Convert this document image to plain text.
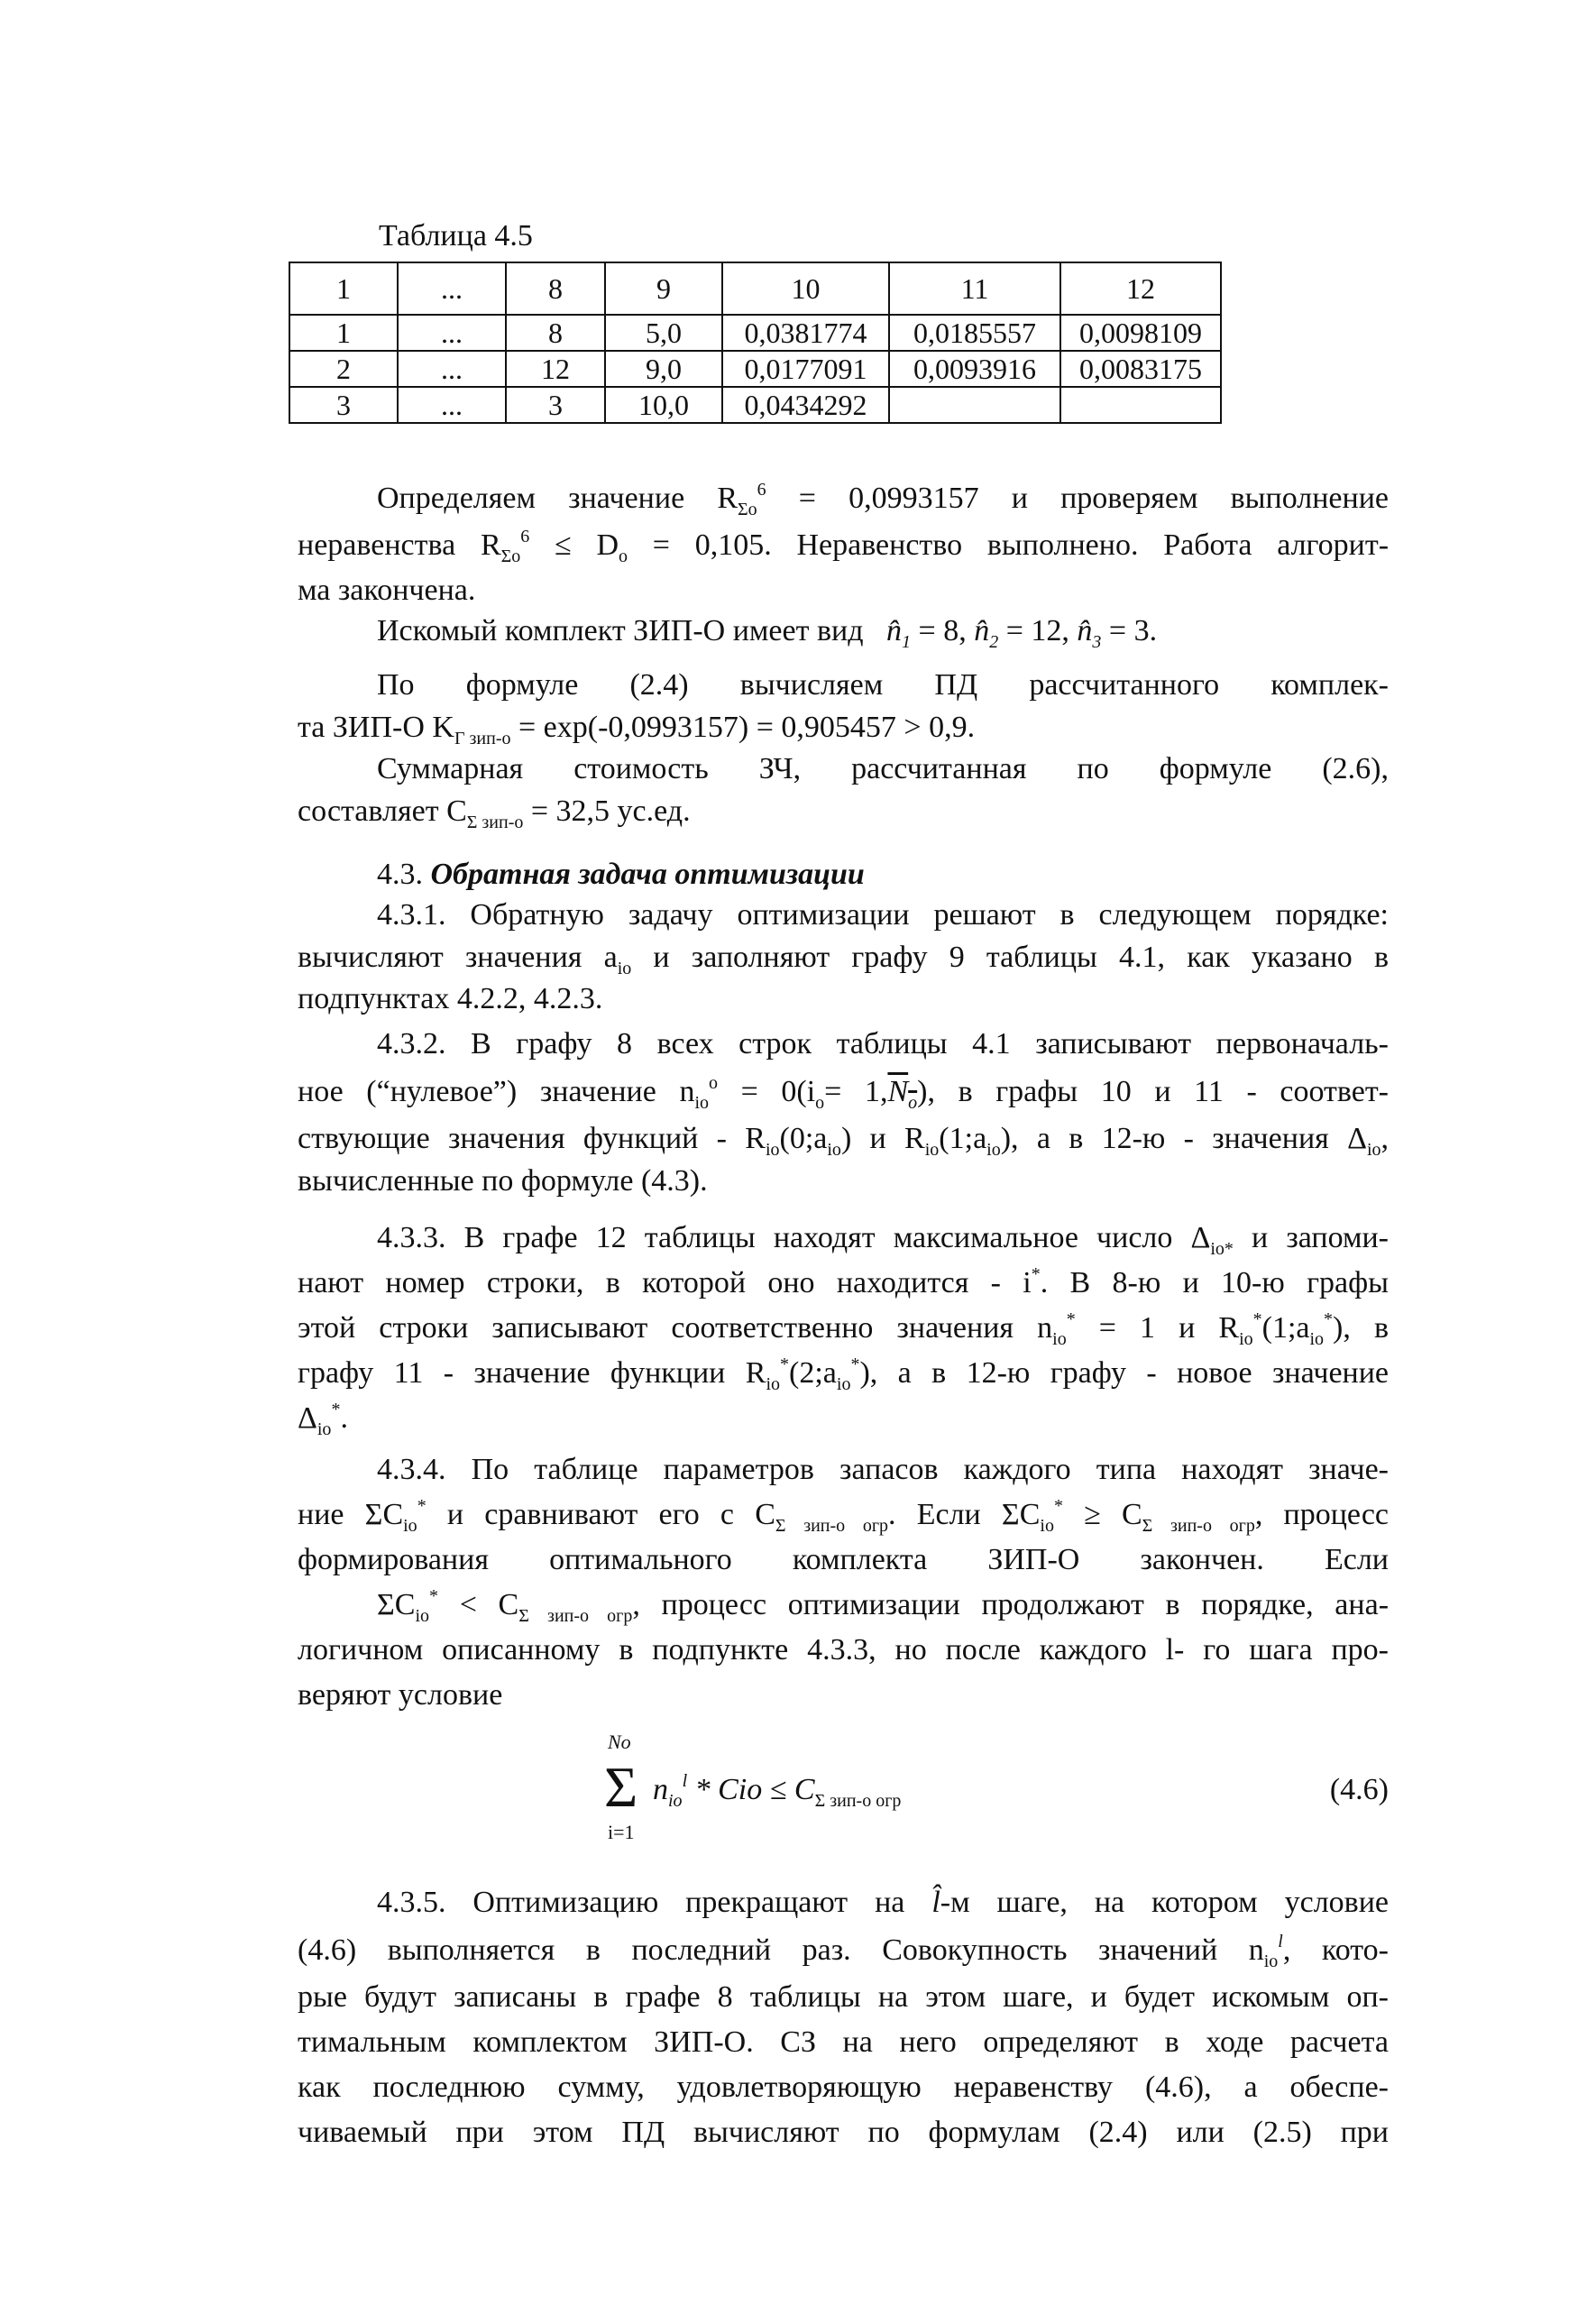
Таблица 4.5
1	...	8	9	10	11	12
1	...	8	5,0	0,0381774	0,0185557	0,0098109
2	...	12	9,0	0,0177091	0,0093916	0,0083175
3	...	3	10,0	0,0434292		

Определяем значение $R_{\Sigma o}^6 = 0,0993157$ и проверяем выполнение

неравенства $R_{\Sigma o}^6 \le D_o = 0,105$. Неравенство выполнено. Работа алгорит-

ма закончена.

Искомый комплект ЗИП-О имеет вид $n̂_1 = 8$, $n̂_2 = 12$, $n̂_3 = 3$.

По формуле (2.4) вычисляем ПД рассчитанного комплек-

та ЗИП-О $K_{Г зип-о} = \exp(-0,0993157) = 0,905457 > 0,9$.

Суммарная стоимость ЗЧ, рассчитанная по формуле (2.6),

составляет $C_{\Sigma зип-о} = 32,5$ ус.ед.

4.3. Обратная задача оптимизации

4.3.1. Обратную задачу оптимизации решают в следующем порядке:

вычисляют значения $a_{io}$ и заполняют графу 9 таблицы 4.1, как указано в

подпунктах 4.2.2, 4.2.3.

4.3.2. В графу 8 всех строк таблицы 4.1 записывают первоначаль-

ное (“нулевое”) значение $n_{io}^o = 0(i_o= 1,N_o)$, в графы 10 и 11 - соответ-

ствующие значения функций - $R_{io}(0;a_{io})$ и $R_{io}(1;a_{io})$, а в 12-ю - значения $\Delta_{io}$,

вычисленные по формуле (4.3).

4.3.3. В графе 12 таблицы находят максимальное число $\Delta_{io*}$ и запоми-

нают номер строки, в которой оно находится - i*. В 8-ю и 10-ю графы

этой строки записывают соответственно значения $n_{io}^* = 1$ и $R_{io}^*(1;a_{io}^*)$, в

графу 11 - значение функции $R_{io}^*(2;a_{io}^*)$, а в 12-ю графу - новое значение

$\Delta_{io}^*$.

4.3.4. По таблице параметров запасов каждого типа находят значе-

ние $\Sigma C_{io}^*$ и сравнивают его с $C_{\Sigma зип-о огр}$. Если $\Sigma C_{io}^* \ge C_{\Sigma зип-о огр}$, процесс

формирования оптимального комплекта ЗИП-О закончен. Если

$\Sigma C_{io}^* < C_{\Sigma зип-о огр}$, процесс оптимизации продолжают в порядке, ана-

логичном описанному в подпункте 4.3.3, но после каждого l- го шага про-

веряют условие

No
Σ
i=1
$n_{io}^l$ * Cio ≤ $C_{\Sigma зип-о огр}$	(4.6)

4.3.5. Оптимизацию прекращают на l̂-м шаге, на котором условие

(4.6) выполняется в последний раз. Совокупность значений $n_{io}^l$, кото-

рые будут записаны в графе 8 таблицы на этом шаге, и будет искомым оп-

тимальным комплектом ЗИП-О. СЗ на него определяют в ходе расчета

как последнюю сумму, удовлетворяющую неравенству (4.6), а обеспе-

чиваемый при этом ПД вычисляют по формулам (2.4) или (2.5) при
